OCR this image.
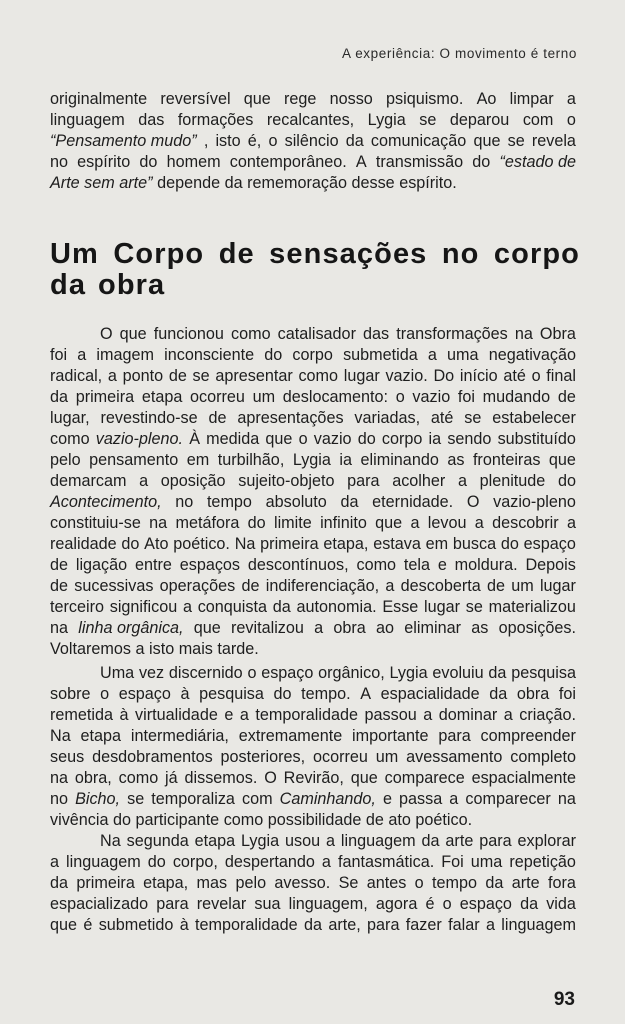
A experiência: O movimento é terno
originalmente reversível que rege nosso psiquismo. Ao limpar a
linguagem das formações recalcantes, Lygia se deparou com o
“Pensamento mudo” , isto é, o silêncio da comunicação que se revela
no espírito do homem contemporâneo. A transmissão do “estado de
Arte sem arte” depende da rememoração desse espírito.
Um Corpo de sensações no corpo
da obra
O que funcionou como catalisador das transformações na Obra
foi a imagem inconsciente do corpo submetida a uma negativação
radical, a ponto de se apresentar como lugar vazio. Do início até o final
da primeira etapa ocorreu um deslocamento: o vazio foi mudando de
lugar, revestindo-se de apresentações variadas, até se estabelecer
como vazio-pleno. À medida que o vazio do corpo ia sendo substituído
pelo pensamento em turbilhão, Lygia ia eliminando as fronteiras que
demarcam a oposição sujeito-objeto para acolher a plenitude do
Acontecimento, no tempo absoluto da eternidade. O vazio-pleno
constituiu-se na metáfora do limite infinito que a levou a descobrir a
realidade do Ato poético. Na primeira etapa, estava em busca do espaço
de ligação entre espaços descontínuos, como tela e moldura. Depois
de sucessivas operações de indiferenciação, a descoberta de um lugar
terceiro significou a conquista da autonomia. Esse lugar se materializou
na linha orgânica, que revitalizou a obra ao eliminar as oposições.
Voltaremos a isto mais tarde.
Uma vez discernido o espaço orgânico, Lygia evoluiu da pesquisa
sobre o espaço à pesquisa do tempo. A espacialidade da obra foi
remetida à virtualidade e a temporalidade passou a dominar a criação.
Na etapa intermediária, extremamente importante para compreender
seus desdobramentos posteriores, ocorreu um avessamento completo
na obra, como já dissemos. O Revirão, que comparece espacialmente
no Bicho, se temporaliza com Caminhando, e passa a comparecer na
vivência do participante como possibilidade de ato poético.
Na segunda etapa Lygia usou a linguagem da arte para explorar
a linguagem do corpo, despertando a fantasmática. Foi uma repetição
da primeira etapa, mas pelo avesso. Se antes o tempo da arte fora
espacializado para revelar sua linguagem, agora é o espaço da vida
que é submetido à temporalidade da arte, para fazer falar a linguagem
93
